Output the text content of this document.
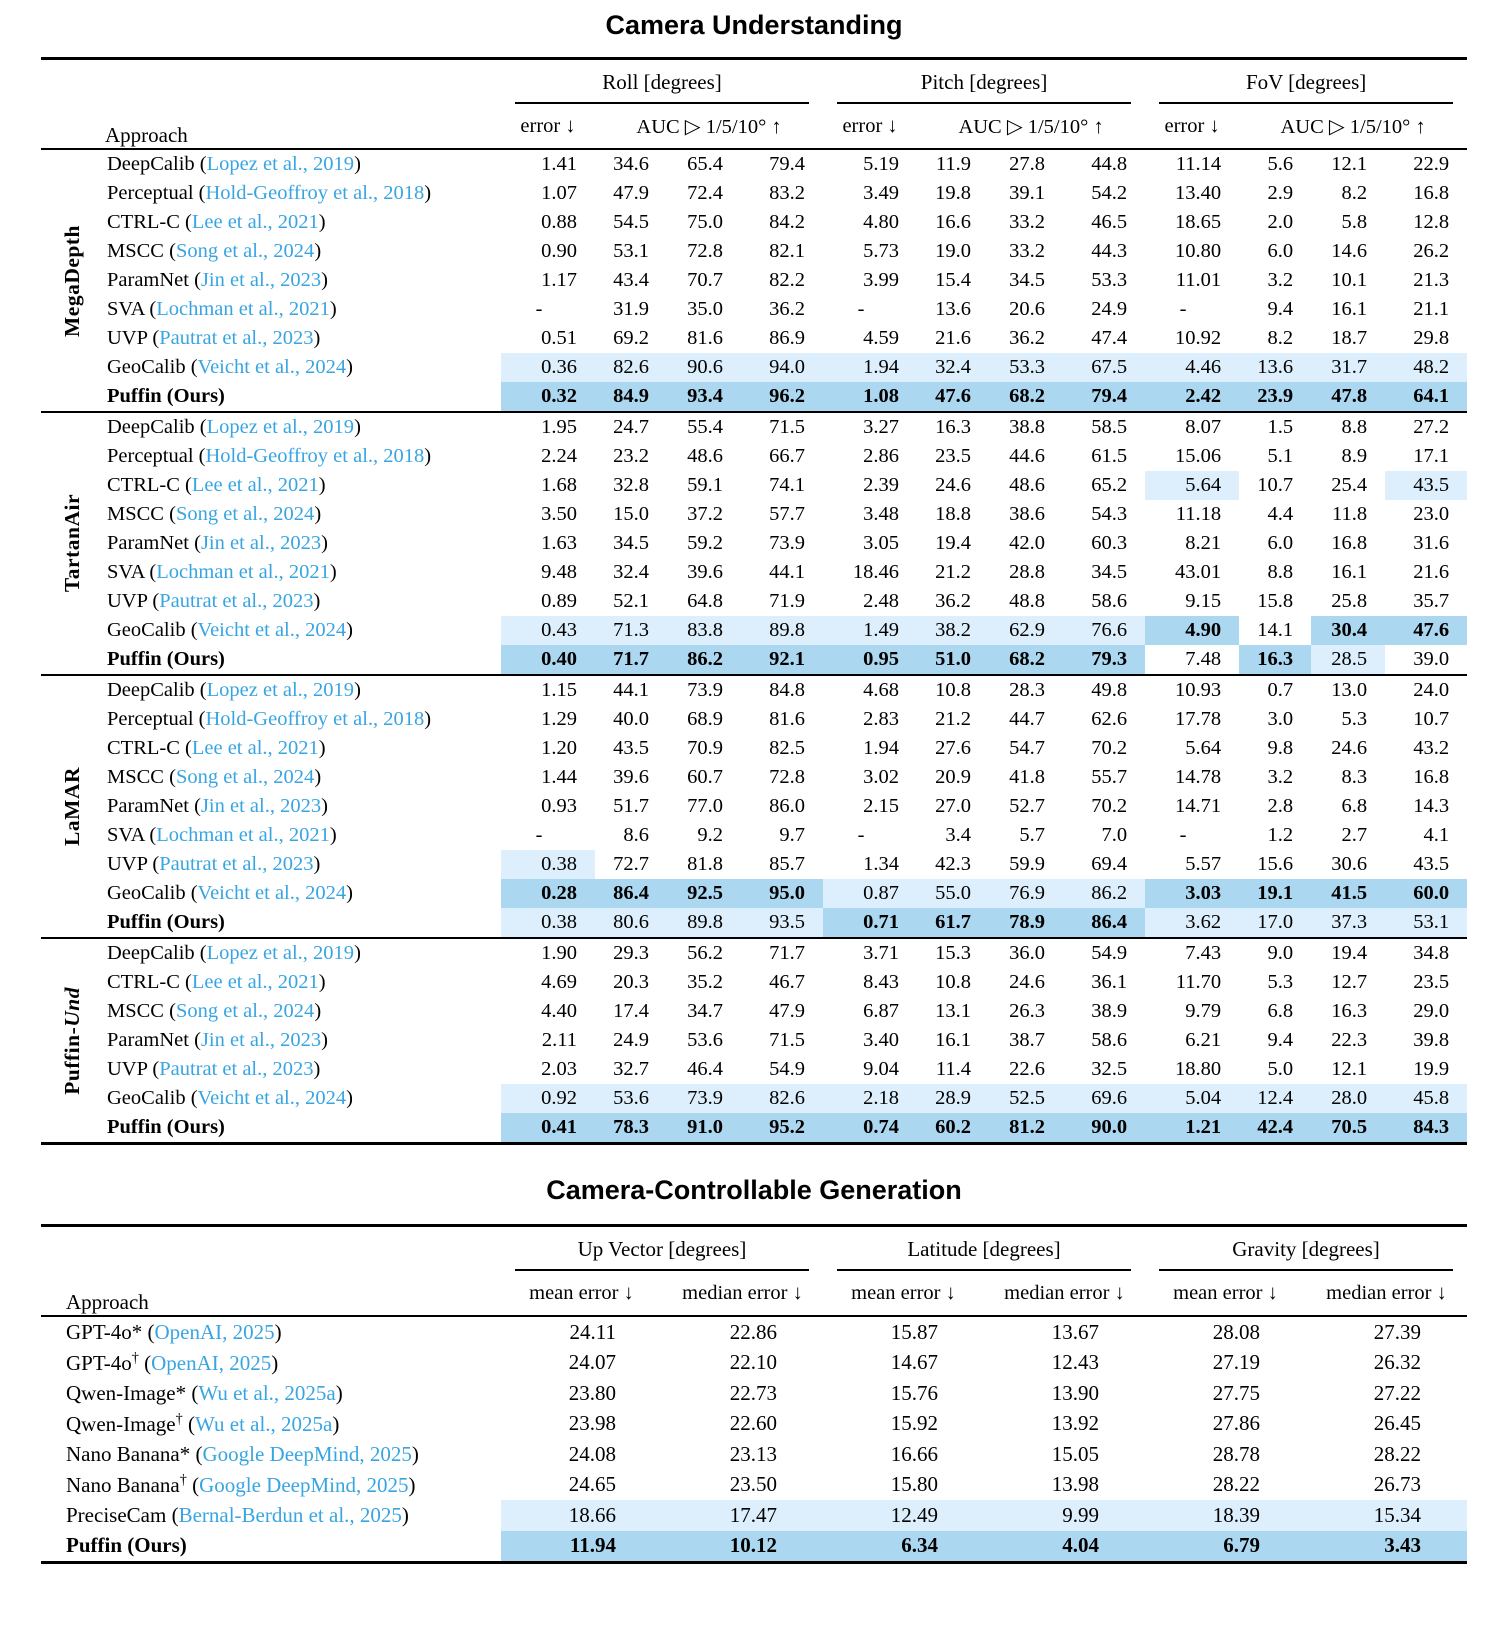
Camera Understanding
Approach		Roll [degrees]				Pitch [degrees]				FoV [degrees]			

		error ↓	AUC ▷ 1/5/10° ↑			error ↓	AUC ▷ 1/5/10° ↑			error ↓	AUC ▷ 1/5/10° ↑		

MegaDepth	DeepCalib (Lopez et al., 2019)	1.41	34.6	65.4	79.4	5.19	11.9	27.8	44.8	11.14	5.6	12.1	22.9
	Perceptual (Hold-Geoffroy et al., 2018)	1.07	47.9	72.4	83.2	3.49	19.8	39.1	54.2	13.40	2.9	8.2	16.8
	CTRL-C (Lee et al., 2021)	0.88	54.5	75.0	84.2	4.80	16.6	33.2	46.5	18.65	2.0	5.8	12.8
	MSCC (Song et al., 2024)	0.90	53.1	72.8	82.1	5.73	19.0	33.2	44.3	10.80	6.0	14.6	26.2
	ParamNet (Jin et al., 2023)	1.17	43.4	70.7	82.2	3.99	15.4	34.5	53.3	11.01	3.2	10.1	21.3
	SVA (Lochman et al., 2021)	-	31.9	35.0	36.2	-	13.6	20.6	24.9	-	9.4	16.1	21.1
	UVP (Pautrat et al., 2023)	0.51	69.2	81.6	86.9	4.59	21.6	36.2	47.4	10.92	8.2	18.7	29.8
	GeoCalib (Veicht et al., 2024)	0.36	82.6	90.6	94.0	1.94	32.4	53.3	67.5	4.46	13.6	31.7	48.2
	Puffin (Ours)	0.32	84.9	93.4	96.2	1.08	47.6	68.2	79.4	2.42	23.9	47.8	64.1

TartanAir	DeepCalib (Lopez et al., 2019)	1.95	24.7	55.4	71.5	3.27	16.3	38.8	58.5	8.07	1.5	8.8	27.2
	Perceptual (Hold-Geoffroy et al., 2018)	2.24	23.2	48.6	66.7	2.86	23.5	44.6	61.5	15.06	5.1	8.9	17.1
	CTRL-C (Lee et al., 2021)	1.68	32.8	59.1	74.1	2.39	24.6	48.6	65.2	5.64	10.7	25.4	43.5
	MSCC (Song et al., 2024)	3.50	15.0	37.2	57.7	3.48	18.8	38.6	54.3	11.18	4.4	11.8	23.0
	ParamNet (Jin et al., 2023)	1.63	34.5	59.2	73.9	3.05	19.4	42.0	60.3	8.21	6.0	16.8	31.6
	SVA (Lochman et al., 2021)	9.48	32.4	39.6	44.1	18.46	21.2	28.8	34.5	43.01	8.8	16.1	21.6
	UVP (Pautrat et al., 2023)	0.89	52.1	64.8	71.9	2.48	36.2	48.8	58.6	9.15	15.8	25.8	35.7
	GeoCalib (Veicht et al., 2024)	0.43	71.3	83.8	89.8	1.49	38.2	62.9	76.6	4.90	14.1	30.4	47.6
	Puffin (Ours)	0.40	71.7	86.2	92.1	0.95	51.0	68.2	79.3	7.48	16.3	28.5	39.0

LaMAR	DeepCalib (Lopez et al., 2019)	1.15	44.1	73.9	84.8	4.68	10.8	28.3	49.8	10.93	0.7	13.0	24.0
	Perceptual (Hold-Geoffroy et al., 2018)	1.29	40.0	68.9	81.6	2.83	21.2	44.7	62.6	17.78	3.0	5.3	10.7
	CTRL-C (Lee et al., 2021)	1.20	43.5	70.9	82.5	1.94	27.6	54.7	70.2	5.64	9.8	24.6	43.2
	MSCC (Song et al., 2024)	1.44	39.6	60.7	72.8	3.02	20.9	41.8	55.7	14.78	3.2	8.3	16.8
	ParamNet (Jin et al., 2023)	0.93	51.7	77.0	86.0	2.15	27.0	52.7	70.2	14.71	2.8	6.8	14.3
	SVA (Lochman et al., 2021)	-	8.6	9.2	9.7	-	3.4	5.7	7.0	-	1.2	2.7	4.1
	UVP (Pautrat et al., 2023)	0.38	72.7	81.8	85.7	1.34	42.3	59.9	69.4	5.57	15.6	30.6	43.5
	GeoCalib (Veicht et al., 2024)	0.28	86.4	92.5	95.0	0.87	55.0	76.9	86.2	3.03	19.1	41.5	60.0
	Puffin (Ours)	0.38	80.6	89.8	93.5	0.71	61.7	78.9	86.4	3.62	17.0	37.3	53.1

Puffin-Und	DeepCalib (Lopez et al., 2019)	1.90	29.3	56.2	71.7	3.71	15.3	36.0	54.9	7.43	9.0	19.4	34.8
	CTRL-C (Lee et al., 2021)	4.69	20.3	35.2	46.7	8.43	10.8	24.6	36.1	11.70	5.3	12.7	23.5
	MSCC (Song et al., 2024)	4.40	17.4	34.7	47.9	6.87	13.1	26.3	38.9	9.79	6.8	16.3	29.0
	ParamNet (Jin et al., 2023)	2.11	24.9	53.6	71.5	3.40	16.1	38.7	58.6	6.21	9.4	22.3	39.8
	UVP (Pautrat et al., 2023)	2.03	32.7	46.4	54.9	9.04	11.4	22.6	32.5	18.80	5.0	12.1	19.9
	GeoCalib (Veicht et al., 2024)	0.92	53.6	73.9	82.6	2.18	28.9	52.5	69.6	5.04	12.4	28.0	45.8
	Puffin (Ours)	0.41	78.3	91.0	95.2	0.74	60.2	81.2	90.0	1.21	42.4	70.5	84.3
Camera-Controllable Generation
Approach	Up Vector [degrees]		Latitude [degrees]		Gravity [degrees]	

	mean error ↓	median error ↓	mean error ↓	median error ↓	mean error ↓	median error ↓
GPT-4o* (OpenAI, 2025)	24.11	22.86	15.87	13.67	28.08	27.39
GPT-4o† (OpenAI, 2025)	24.07	22.10	14.67	12.43	27.19	26.32
Qwen-Image* (Wu et al., 2025a)	23.80	22.73	15.76	13.90	27.75	27.22
Qwen-Image† (Wu et al., 2025a)	23.98	22.60	15.92	13.92	27.86	26.45
Nano Banana* (Google DeepMind, 2025)	24.08	23.13	16.66	15.05	28.78	28.22
Nano Banana† (Google DeepMind, 2025)	24.65	23.50	15.80	13.98	28.22	26.73
PreciseCam (Bernal-Berdun et al., 2025)	18.66	17.47	12.49	9.99	18.39	15.34
Puffin (Ours)	11.94	10.12	6.34	4.04	6.79	3.43
